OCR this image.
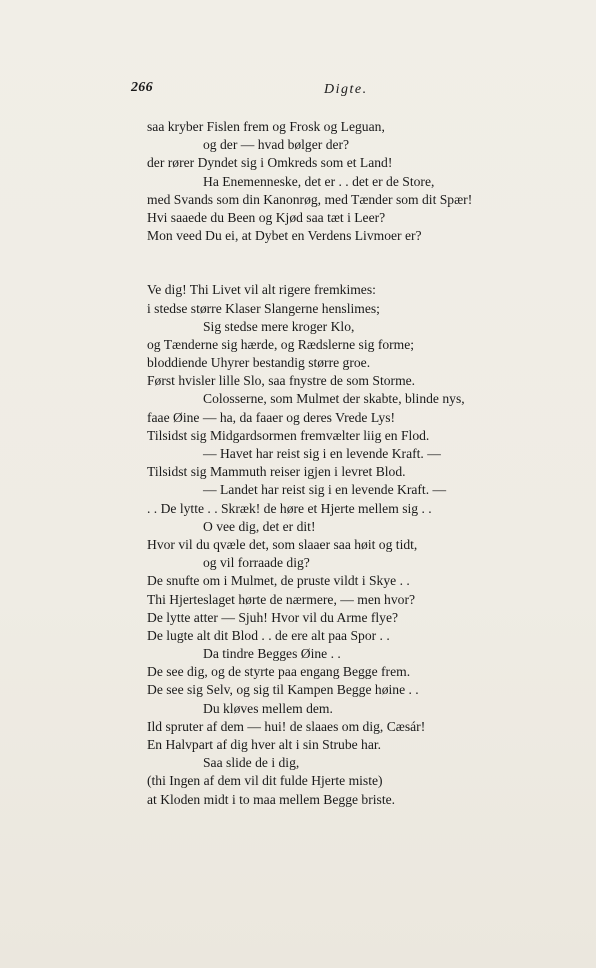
266	Digte.
saa kryber Fislen frem og Frosk og Leguan,
og der — hvad bølger der?
der rører Dyndet sig i Omkreds som et Land!
Ha Enemenneske, det er . . det er de Store,
med Svands som din Kanonrøg, med Tænder som dit Spær!
Hvi saaede du Been og Kjød saa tæt i Leer?
Mon veed Du ei, at Dybet en Verdens Livmoer er?
Ve dig! Thi Livet vil alt rigere fremkimes:
i stedse større Klaser Slangerne henslimes;
Sig stedse mere kroger Klo,
og Tænderne sig hærde, og Rædslerne sig forme;
bloddiende Uhyrer bestandig større groe.
Først hvisler lille Slo, saa fnystre de som Storme.
Colosserne, som Mulmet der skabte, blinde nys,
faae Øine — ha, da faaer og deres Vrede Lys!
Tilsidst sig Midgardsormen fremvælter liig en Flod.
— Havet har reist sig i en levende Kraft. —
Tilsidst sig Mammuth reiser igjen i levret Blod.
— Landet har reist sig i en levende Kraft. —
. . De lytte . . Skræk! de høre et Hjerte mellem sig . .
O vee dig, det er dit!
Hvor vil du qvæle det, som slaaer saa høit og tidt,
og vil forraade dig?
De snufte om i Mulmet, de pruste vildt i Skye . .
Thi Hjerteslaget hørte de nærmere, — men hvor?
De lytte atter — Sjuh! Hvor vil du Arme flye?
De lugte alt dit Blod . . de ere alt paa Spor . .
Da tindre Begges Øine . .
De see dig, og de styrte paa engang Begge frem.
De see sig Selv, og sig til Kampen Begge høine . .
Du kløves mellem dem.
Ild spruter af dem — hui! de slaaes om dig, Cæsár!
En Halvpart af dig hver alt i sin Strube har.
Saa slide de i dig,
(thi Ingen af dem vil dit fulde Hjerte miste)
at Kloden midt i to maa mellem Begge briste.
